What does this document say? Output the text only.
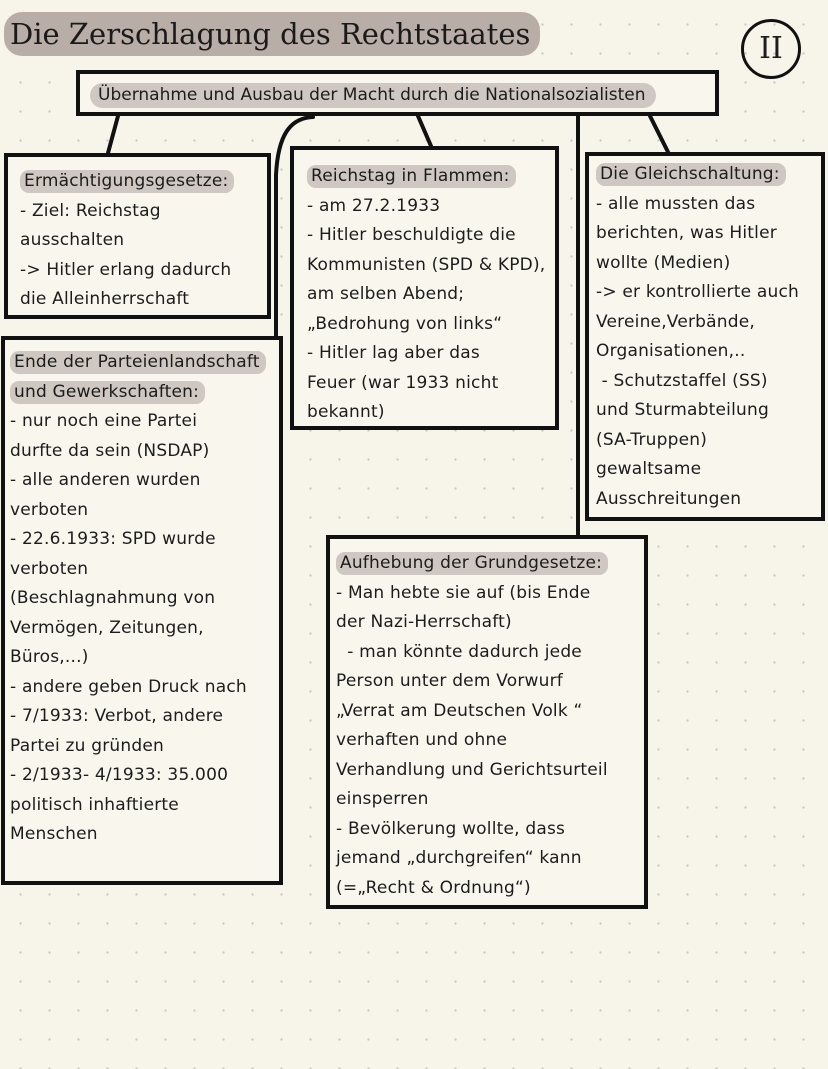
Die Zerschlagung des Rechtstaates	II
Übernahme und Ausbau der Macht durch die Nationalsozialisten
Ermächtigungsgesetze:
- Ziel: Reichstag
ausschalten
-> Hitler erlang dadurch
die Alleinherrschaft
Reichstag in Flammen:
- am 27.2.1933
- Hitler beschuldigte die
Kommunisten (SPD & KPD),
am selben Abend;
„Bedrohung von links“
- Hitler lag aber das
Feuer (war 1933 nicht
bekannt)
Die Gleichschaltung:
- alle mussten das
berichten, was Hitler
wollte (Medien)
-> er kontrollierte auch
Vereine,Verbände,
Organisationen,..
- Schutzstaffel (SS)
und Sturmabteilung
(SA-Truppen)
gewaltsame
Ausschreitungen
Ende der Parteienlandschaft
und Gewerkschaften:
- nur noch eine Partei
durfte da sein (NSDAP)
- alle anderen wurden
verboten
- 22.6.1933: SPD wurde
verboten
(Beschlagnahmung von
Vermögen, Zeitungen,
Büros,...)
- andere geben Druck nach
- 7/1933: Verbot, andere
Partei zu gründen
- 2/1933- 4/1933: 35.000
politisch inhaftierte
Menschen
Aufhebung der Grundgesetze:
- Man hebte sie auf (bis Ende
der Nazi-Herrschaft)
- man könnte dadurch jede
Person unter dem Vorwurf
„Verrat am Deutschen Volk “
verhaften und ohne
Verhandlung und Gerichtsurteil
einsperren
- Bevölkerung wollte, dass
jemand „durchgreifen“ kann
(=„Recht & Ordnung“)
